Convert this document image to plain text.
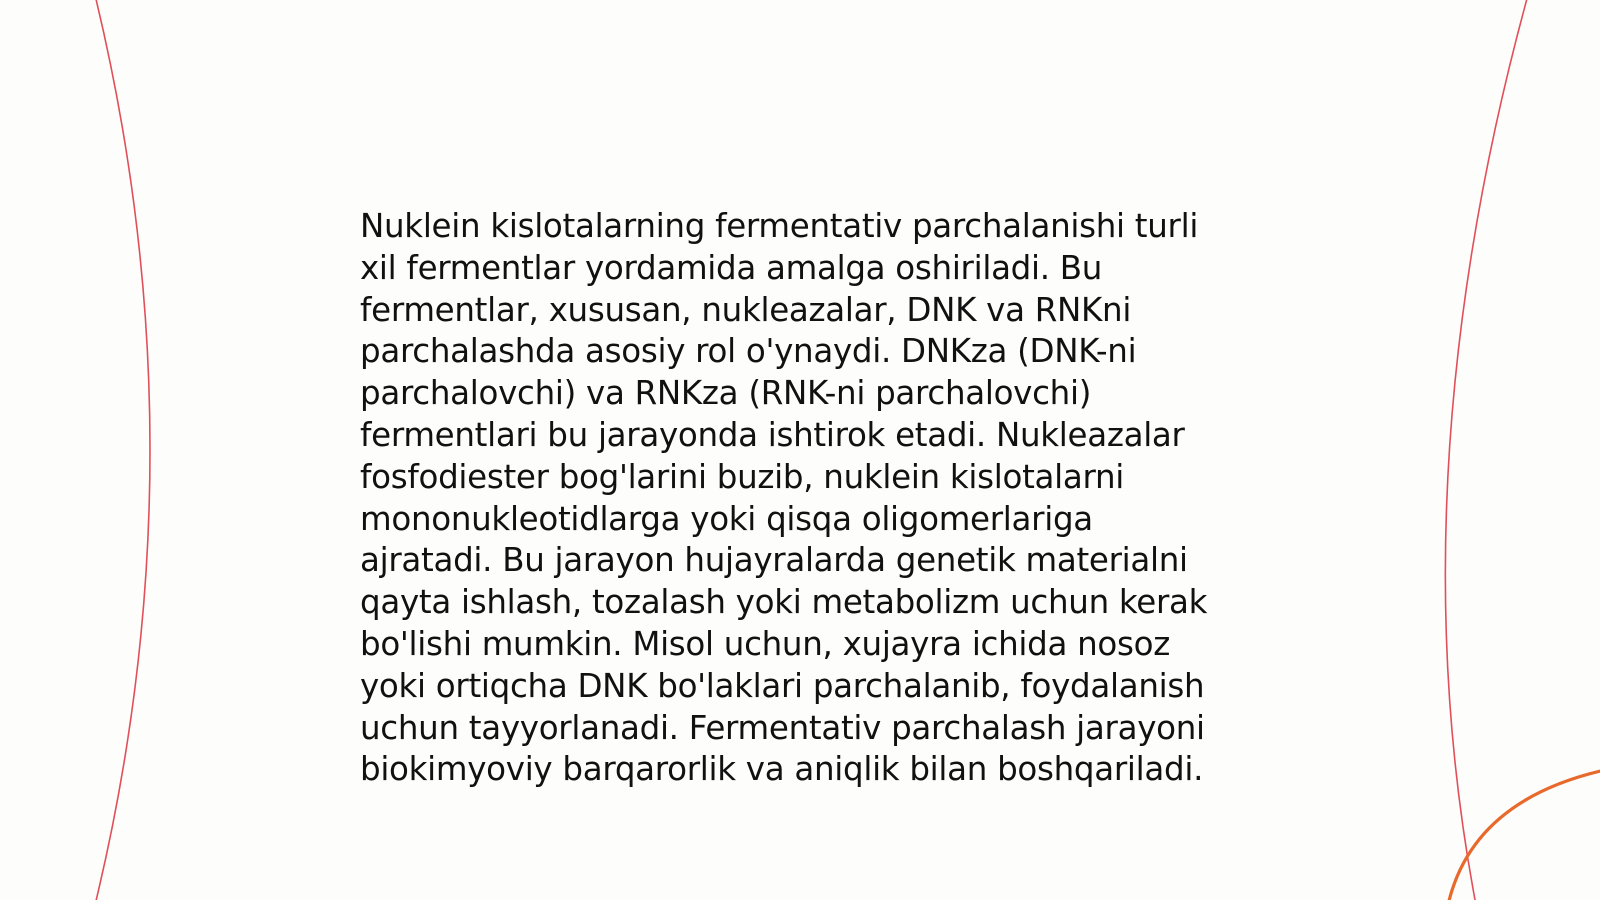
Nuklein kislotalarning fermentativ parchalanishi turli
xil fermentlar yordamida amalga oshiriladi. Bu
fermentlar, xususan, nukleazalar, DNK va RNKni
parchalashda asosiy rol o'ynaydi. DNKza (DNK-ni
parchalovchi) va RNKza (RNK-ni parchalovchi)
fermentlari bu jarayonda ishtirok etadi. Nukleazalar
fosfodiester bog'larini buzib, nuklein kislotalarni
mononukleotidlarga yoki qisqa oligomerlariga
ajratadi. Bu jarayon hujayralarda genetik materialni
qayta ishlash, tozalash yoki metabolizm uchun kerak
bo'lishi mumkin. Misol uchun, xujayra ichida nosoz
yoki ortiqcha DNK bo'laklari parchalanib, foydalanish
uchun tayyorlanadi. Fermentativ parchalash jarayoni
biokimyoviy barqarorlik va aniqlik bilan boshqariladi.
